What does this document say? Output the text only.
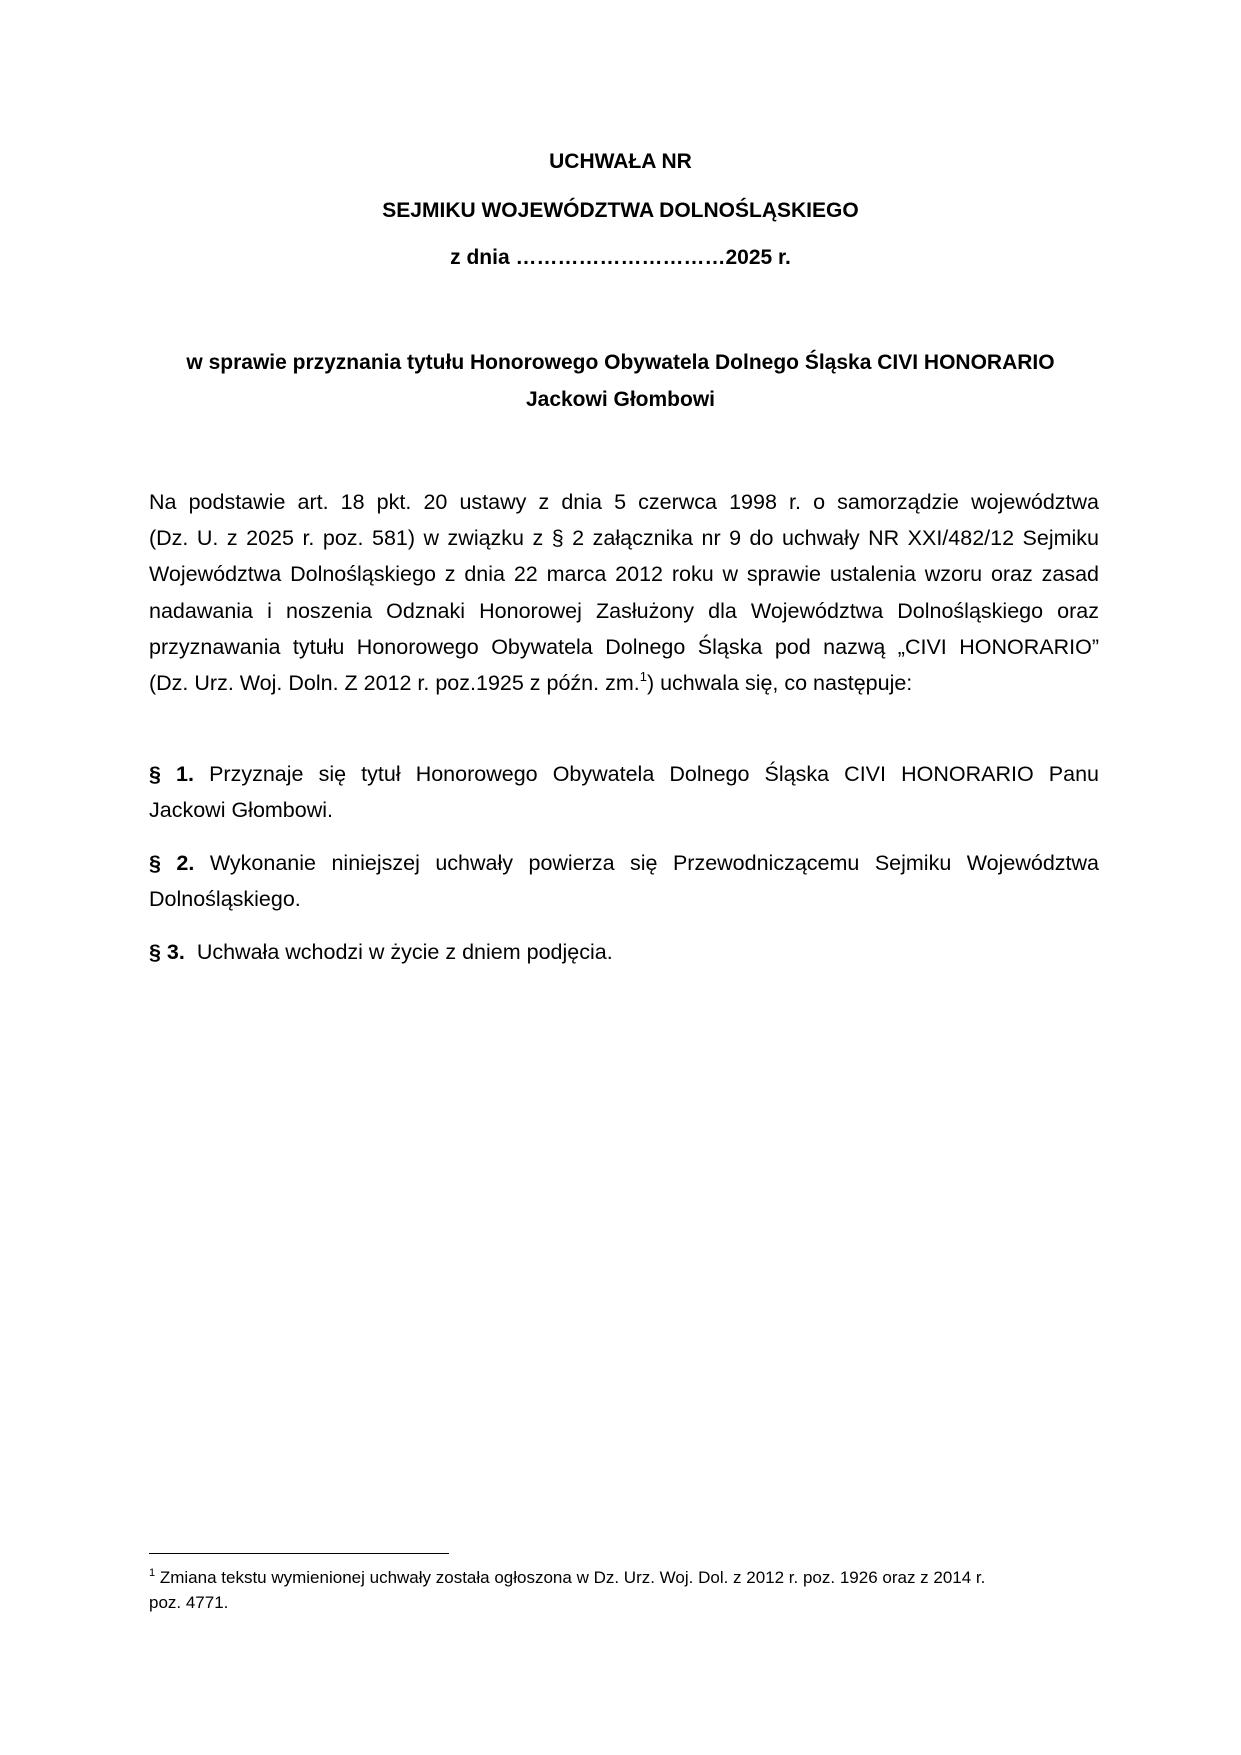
UCHWAŁA NR
SEJMIKU WOJEWÓDZTWA DOLNOŚLĄSKIEGO
z dnia …………………………2025 r.
w sprawie przyznania tytułu Honorowego Obywatela Dolnego Śląska CIVI HONORARIO
Jackowi Głombowi
Na podstawie art. 18 pkt. 20 ustawy z dnia 5 czerwca 1998 r. o samorządzie województwa
(Dz. U. z 2025 r. poz. 581) w związku z § 2 załącznika nr 9 do uchwały NR XXI/482/12 Sejmiku
Województwa Dolnośląskiego z dnia 22 marca 2012 roku w sprawie ustalenia wzoru oraz zasad
nadawania i noszenia Odznaki Honorowej Zasłużony dla Województwa Dolnośląskiego oraz
przyznawania tytułu Honorowego Obywatela Dolnego Śląska pod nazwą „CIVI HONORARIO”
(Dz. Urz. Woj. Doln. Z 2012 r. poz.1925 z późn. zm.$^1$) uchwala się, co następuje:
§ 1. Przyznaje się tytuł Honorowego Obywatela Dolnego Śląska CIVI HONORARIO Panu
Jackowi Głombowi.
§ 2. Wykonanie niniejszej uchwały powierza się Przewodniczącemu Sejmiku Województwa
Dolnośląskiego.
§ 3. Uchwała wchodzi w życie z dniem podjęcia.
$^1$ Zmiana tekstu wymienionej uchwały została ogłoszona w Dz. Urz. Woj. Dol. z 2012 r. poz. 1926 oraz z 2014 r.
poz. 4771.
